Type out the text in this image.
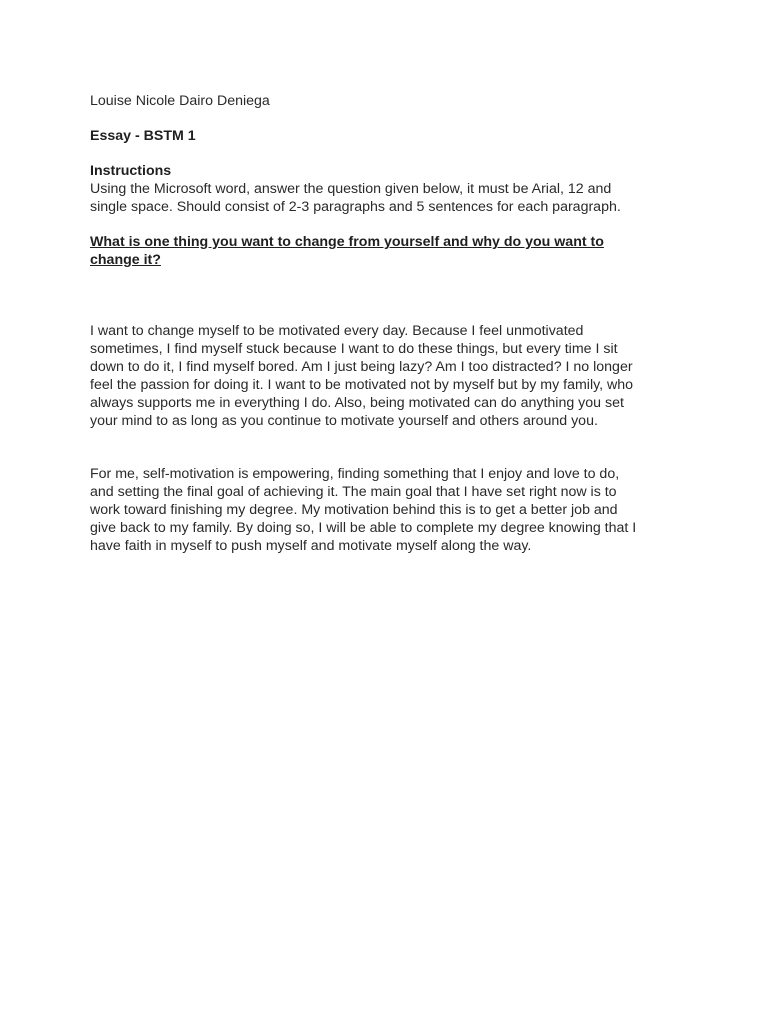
Louise Nicole Dairo Deniega
Essay - BSTM 1
Instructions
Using the Microsoft word, answer the question given below, it must be Arial, 12 and
single space. Should consist of 2-3 paragraphs and 5 sentences for each paragraph.
What is one thing you want to change from yourself and why do you want to
change it?
I want to change myself to be motivated every day. Because I feel unmotivated
sometimes, I find myself stuck because I want to do these things, but every time I sit
down to do it, I find myself bored. Am I just being lazy? Am I too distracted? I no longer
feel the passion for doing it. I want to be motivated not by myself but by my family, who
always supports me in everything I do. Also, being motivated can do anything you set
your mind to as long as you continue to motivate yourself and others around you.
For me, self-motivation is empowering, finding something that I enjoy and love to do,
and setting the final goal of achieving it. The main goal that I have set right now is to
work toward finishing my degree. My motivation behind this is to get a better job and
give back to my family. By doing so, I will be able to complete my degree knowing that I
have faith in myself to push myself and motivate myself along the way.
